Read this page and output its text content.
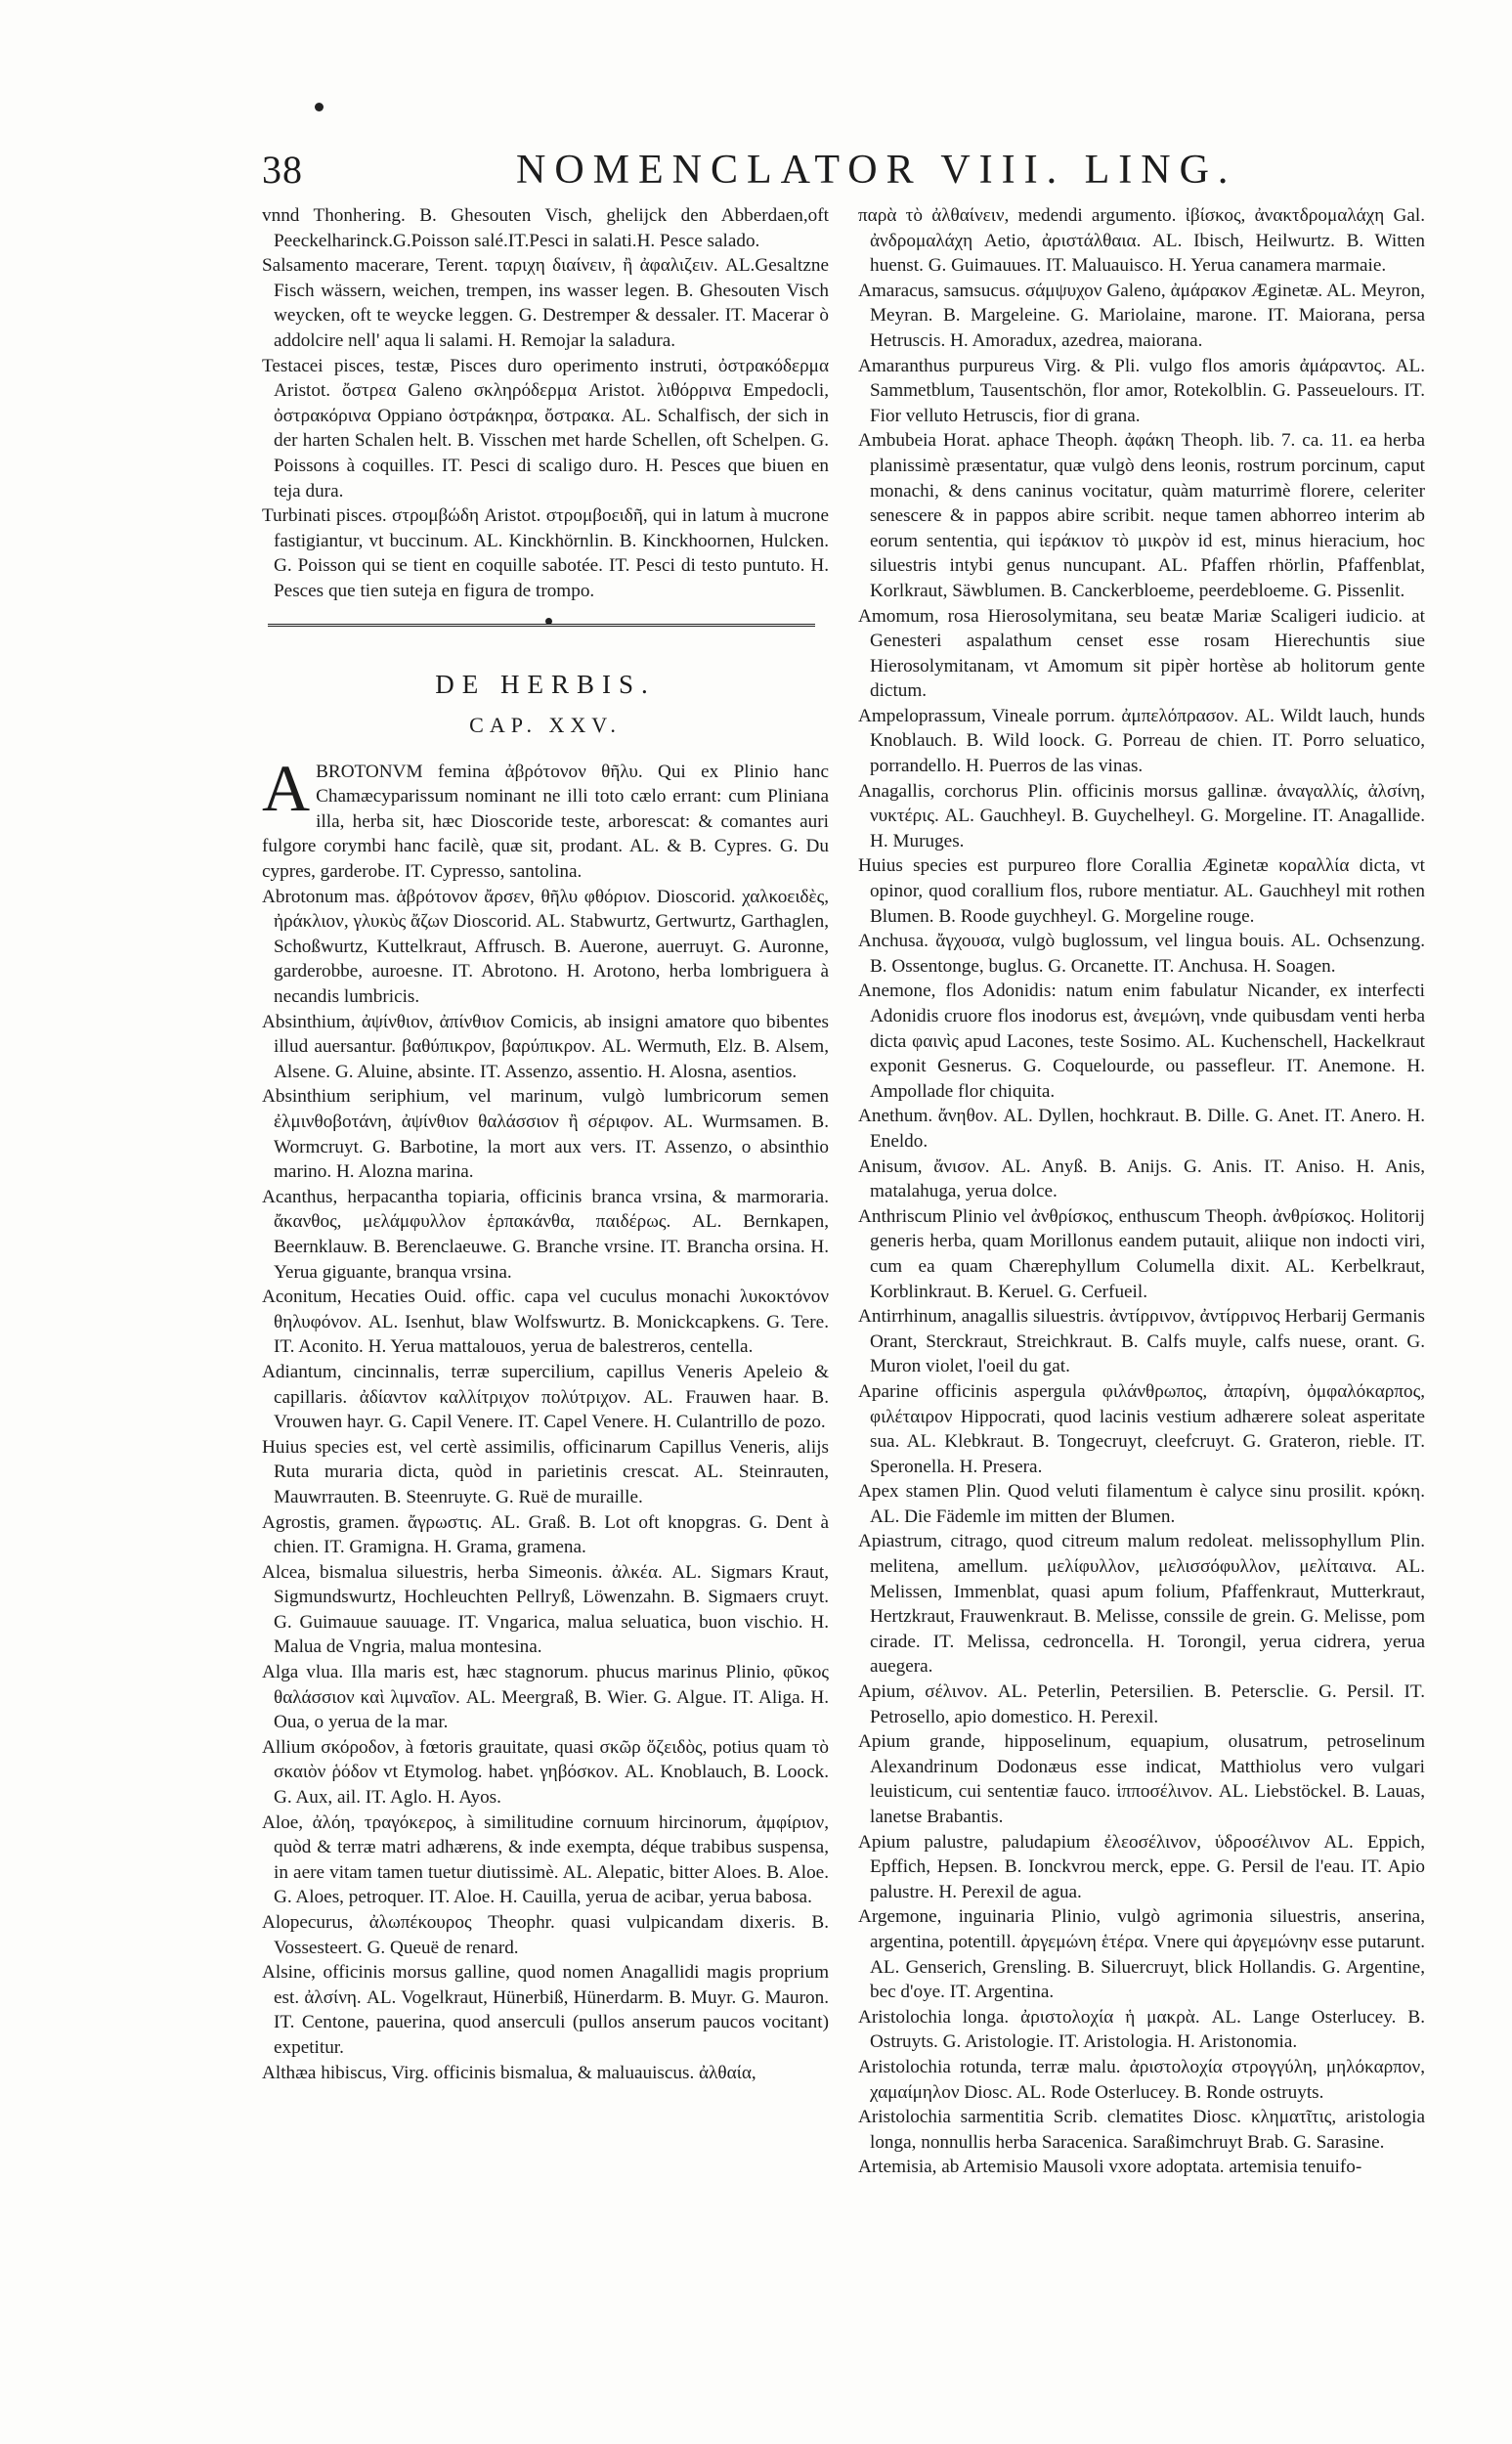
38	NOMENCLATOR VIII. LING.

vnnd Thonhering. B. Ghesouten Visch, ghelijck den Abberdaen,oft Peeckelharinck.G.Poisson salé.IT.Pesci in salati.H. Pesce salado.

Salsamento macerare, Terent. ταριχη διαίνειν, ἢ ἀφαλιζειν. AL.Gesaltzne Fisch wässern, weichen, trempen, ins wasser legen. B. Ghesouten Visch weycken, oft te weycke leggen. G. Destremper & dessaler. IT. Macerar ò addolcire nell' aqua li salami. H. Remojar la saladura.

Testacei pisces, testæ, Pisces duro operimento instruti, ὀστρακόδερμα Aristot. ὄστρεα Galeno σκληρόδερμα Aristot. λιθόρρινα Empedocli, ὀστρακόρινα Oppiano ὀστράκηρα, ὄστρακα. AL. Schalfisch, der sich in der harten Schalen helt. B. Visschen met harde Schellen, oft Schelpen. G. Poissons à coquilles. IT. Pesci di scaligo duro. H. Pesces que biuen en teja dura.

Turbinati pisces. στρομβώδη Aristot. στρομβοειδῆ, qui in latum à mucrone fastigiantur, vt buccinum. AL. Kinckhörnlin. B. Kinckhoornen, Hulcken. G. Poisson qui se tient en coquille sabotée. IT. Pesci di testo puntuto. H. Pesces que tien suteja en figura de trompo.

DE HERBIS.
CAP. XXV.

ABROTONVM femina ἀβρότονον θῆλυ. Qui ex Plinio hanc Chamæcyparissum nominant ne illi toto cælo errant: cum Pliniana illa, herba sit, hæc Dioscoride teste, arborescat: & comantes auri fulgore corymbi hanc facilè, quæ sit, prodant. AL. & B. Cypres. G. Du cypres, garderobe. IT. Cypresso, santolina.

Abrotonum mas. ἀβρότονον ἄρσεν, θῆλυ φθόριον. Dioscorid. χαλκοειδὲς, ἠράκλιον, γλυκὺς ἄζων Dioscorid. AL. Stabwurtz, Gertwurtz, Garthaglen, Schoßwurtz, Kuttelkraut, Affrusch. B. Auerone, auerruyt. G. Auronne, garderobbe, auroesne. IT. Abrotono. H. Arotono, herba lombriguera à necandis lumbricis.

Absinthium, ἀψίνθιον, ἀπίνθιον Comicis, ab insigni amatore quo bibentes illud auersantur. βαθύπικρον, βαρύπικρον. AL. Wermuth, Elz. B. Alsem, Alsene. G. Aluine, absinte. IT. Assenzo, assentio. H. Alosna, asentios.

Absinthium seriphium, vel marinum, vulgò lumbricorum semen ἐλμινθοβοτάνη, ἀψίνθιον θαλάσσιον ἢ σέριφον. AL. Wurmsamen. B. Wormcruyt. G. Barbotine, la mort aux vers. IT. Assenzo, o absinthio marino. H. Alozna marina.

Acanthus, herpacantha topiaria, officinis branca vrsina, & marmoraria. ἄκανθος, μελάμφυλλον ἑρπακάνθα, παιδέρως. AL. Bernkapen, Beernklauw. B. Berenclaeuwe. G. Branche vrsine. IT. Brancha orsina. H. Yerua giguante, branqua vrsina.

Aconitum, Hecaties Ouid. offic. capa vel cuculus monachi λυκοκτόνον θηλυφόνον. AL. Isenhut, blaw Wolfswurtz. B. Monickcapkens. G. Tere. IT. Aconito. H. Yerua mattalouos, yerua de balestreros, centella.

Adiantum, cincinnalis, terræ supercilium, capillus Veneris Apeleio & capillaris. ἀδίαντον καλλίτριχον πολύτριχον. AL. Frauwen haar. B. Vrouwen hayr. G. Capil Venere. IT. Capel Venere. H. Culantrillo de pozo.

Huius species est, vel certè assimilis, officinarum Capillus Veneris, alijs Ruta muraria dicta, quòd in parietinis crescat. AL. Steinrauten, Mauwrrauten. B. Steenruyte. G. Ruë de muraille.

Agrostis, gramen. ἄγρωστις. AL. Graß. B. Lot oft knopgras. G. Dent à chien. IT. Gramigna. H. Grama, gramena.

Alcea, bismalua siluestris, herba Simeonis. ἀλκέα. AL. Sigmars Kraut, Sigmundswurtz, Hochleuchten Pellryß, Löwenzahn. B. Sigmaers cruyt. G. Guimauue sauuage. IT. Vngarica, malua seluatica, buon vischio. H. Malua de Vngria, malua montesina.

Alga vlua. Illa maris est, hæc stagnorum. phucus marinus Plinio, φῦκος θαλάσσιον καὶ λιμναῖον. AL. Meergraß, B. Wier. G. Algue. IT. Aliga. H. Oua, o yerua de la mar.

Allium σκόροδον, à fœtoris grauitate, quasi σκῶρ ὄζειδὸς, potius quam τὸ σκαιὸν ῥόδον vt Etymolog. habet. γηβόσκον. AL. Knoblauch, B. Loock. G. Aux, ail. IT. Aglo. H. Ayos.

Aloe, ἀλόη, τραγόκερος, à similitudine cornuum hircinorum, ἀμφίριον, quòd & terræ matri adhærens, & inde exempta, déque trabibus suspensa, in aere vitam tamen tuetur diutissimè. AL. Alepatic, bitter Aloes. B. Aloe. G. Aloes, petroquer. IT. Aloe. H. Cauilla, yerua de acibar, yerua babosa.

Alopecurus, ἀλωπέκουρος Theophr. quasi vulpicandam dixeris. B. Vossesteert. G. Queuë de renard.

Alsine, officinis morsus galline, quod nomen Anagallidi magis proprium est. ἀλσίνη. AL. Vogelkraut, Hünerbiß, Hünerdarm. B. Muyr. G. Mauron. IT. Centone, pauerina, quod anserculi (pullos anserum paucos vocitant) expetitur.

Althæa hibiscus, Virg. officinis bismalua, & maluauiscus. ἀλθαία,

παρὰ τὸ ἀλθαίνειν, medendi argumento. ἰβίσκος, ἀνακτδρομαλάχη Gal. ἀνδρομαλάχη Aetio, ἀριστάλθαια. AL. Ibisch, Heilwurtz. B. Witten huenst. G. Guimauues. IT. Maluauisco. H. Yerua canamera marmaie.

Amaracus, samsucus. σάμψυχον Galeno, ἀμάρακον Æginetæ. AL. Meyron, Meyran. B. Margeleine. G. Mariolaine, marone. IT. Maiorana, persa Hetruscis. H. Amoradux, azedrea, maiorana.

Amaranthus purpureus Virg. & Pli. vulgo flos amoris ἀμάραντος. AL. Sammetblum, Tausentschön, flor amor, Rotekolblin. G. Passeuelours. IT. Fior velluto Hetruscis, fior di grana.

Ambubeia Horat. aphace Theoph. ἀφάκη Theoph. lib. 7. ca. 11. ea herba planissimè præsentatur, quæ vulgò dens leonis, rostrum porcinum, caput monachi, & dens caninus vocitatur, quàm maturrimè florere, celeriter senescere & in pappos abire scribit. neque tamen abhorreo interim ab eorum sententia, qui ἱεράκιον τὸ μικρὸν id est, minus hieracium, hoc siluestris intybi genus nuncupant. AL. Pfaffen rhörlin, Pfaffenblat, Korlkraut, Säwblumen. B. Canckerbloeme, peerdebloeme. G. Pissenlit.

Amomum, rosa Hierosolymitana, seu beatæ Mariæ Scaligeri iudicio. at Genesteri aspalathum censet esse rosam Hierechuntis siue Hierosolymitanam, vt Amomum sit pipèr hortèse ab holitorum gente dictum.

Ampeloprassum, Vineale porrum. ἀμπελόπρασον. AL. Wildt lauch, hunds Knoblauch. B. Wild loock. G. Porreau de chien. IT. Porro seluatico, porrandello. H. Puerros de las vinas.

Anagallis, corchorus Plin. officinis morsus gallinæ. ἀναγαλλίς, ἀλσίνη, νυκτέρις. AL. Gauchheyl. B. Guychelheyl. G. Morgeline. IT. Anagallide. H. Muruges.

Huius species est purpureo flore Corallia Æginetæ κοραλλία dicta, vt opinor, quod corallium flos, rubore mentiatur. AL. Gauchheyl mit rothen Blumen. B. Roode guychheyl. G. Morgeline rouge.

Anchusa. ἄγχουσα, vulgò buglossum, vel lingua bouis. AL. Ochsenzung. B. Ossentonge, buglus. G. Orcanette. IT. Anchusa. H. Soagen.

Anemone, flos Adonidis: natum enim fabulatur Nicander, ex interfecti Adonidis cruore flos inodorus est, ἀνεμώνη, vnde quibusdam venti herba dicta φαινὶς apud Lacones, teste Sosimo. AL. Kuchenschell, Hackelkraut exponit Gesnerus. G. Coquelourde, ou passefleur. IT. Anemone. H. Ampollade flor chiquita.

Anethum. ἄνηθον. AL. Dyllen, hochkraut. B. Dille. G. Anet. IT. Anero. H. Eneldo.

Anisum, ἄνισον. AL. Anyß. B. Anijs. G. Anis. IT. Aniso. H. Anis, matalahuga, yerua dolce.

Anthriscum Plinio vel ἀνθρίσκος, enthuscum Theoph. ἀνθρίσκος. Holitorij generis herba, quam Morillonus eandem putauit, aliique non indocti viri, cum ea quam Chærephyllum Columella dixit. AL. Kerbelkraut, Korblinkraut. B. Keruel. G. Cerfueil.

Antirrhinum, anagallis siluestris. ἀντίρρινον, ἀντίρρινος Herbarij Germanis Orant, Sterckraut, Streichkraut. B. Calfs muyle, calfs nuese, orant. G. Muron violet, l'oeil du gat.

Aparine officinis aspergula φιλάνθρωπος, ἀπαρίνη, ὀμφαλόκαρπος, φιλέταιρον Hippocrati, quod lacinis vestium adhærere soleat asperitate sua. AL. Klebkraut. B. Tongecruyt, cleefcruyt. G. Grateron, rieble. IT. Speronella. H. Presera.

Apex stamen Plin. Quod veluti filamentum è calyce sinu prosilit. κρόκη. AL. Die Fädemle im mitten der Blumen.

Apiastrum, citrago, quod citreum malum redoleat. melissophyllum Plin. melitena, amellum. μελίφυλλον, μελισσόφυλλον, μελίταινα. AL. Melissen, Immenblat, quasi apum folium, Pfaffenkraut, Mutterkraut, Hertzkraut, Frauwenkraut. B. Melisse, conssile de grein. G. Melisse, pom cirade. IT. Melissa, cedroncella. H. Torongil, yerua cidrera, yerua auegera.

Apium, σέλινον. AL. Peterlin, Petersilien. B. Petersclie. G. Persil. IT. Petrosello, apio domestico. H. Perexil.

Apium grande, hipposelinum, equapium, olusatrum, petroselinum Alexandrinum Dodonæus esse indicat, Matthiolus vero vulgari leuisticum, cui sententiæ fauco. ἱπποσέλινον. AL. Liebstöckel. B. Lauas, lanetse Brabantis.

Apium palustre, paludapium ἐλεοσέλινον, ὑδροσέλινον AL. Eppich, Epffich, Hepsen. B. Ionckvrou merck, eppe. G. Persil de l'eau. IT. Apio palustre. H. Perexil de agua.

Argemone, inguinaria Plinio, vulgò agrimonia siluestris, anserina, argentina, potentill. ἀργεμώνη ἑτέρα. Vnere qui ἀργεμώνην esse putarunt. AL. Genserich, Grensling. B. Siluercruyt, blick Hollandis. G. Argentine, bec d'oye. IT. Argentina.

Aristolochia longa. ἀριστολοχία ἡ μακρὰ. AL. Lange Osterlucey. B. Ostruyts. G. Aristologie. IT. Aristologia. H. Aristonomia.

Aristolochia rotunda, terræ malu. ἀριστολοχία στρογγύλη, μηλόκαρπον, χαμαίμηλον Diosc. AL. Rode Osterlucey. B. Ronde ostruyts.

Aristolochia sarmentitia Scrib. clematites Diosc. κληματῖτις, aristologia longa, nonnullis herba Saracenica. Saraßimchruyt Brab. G. Sarasine.

Artemisia, ab Artemisio Mausoli vxore adoptata. artemisia tenuifo-
